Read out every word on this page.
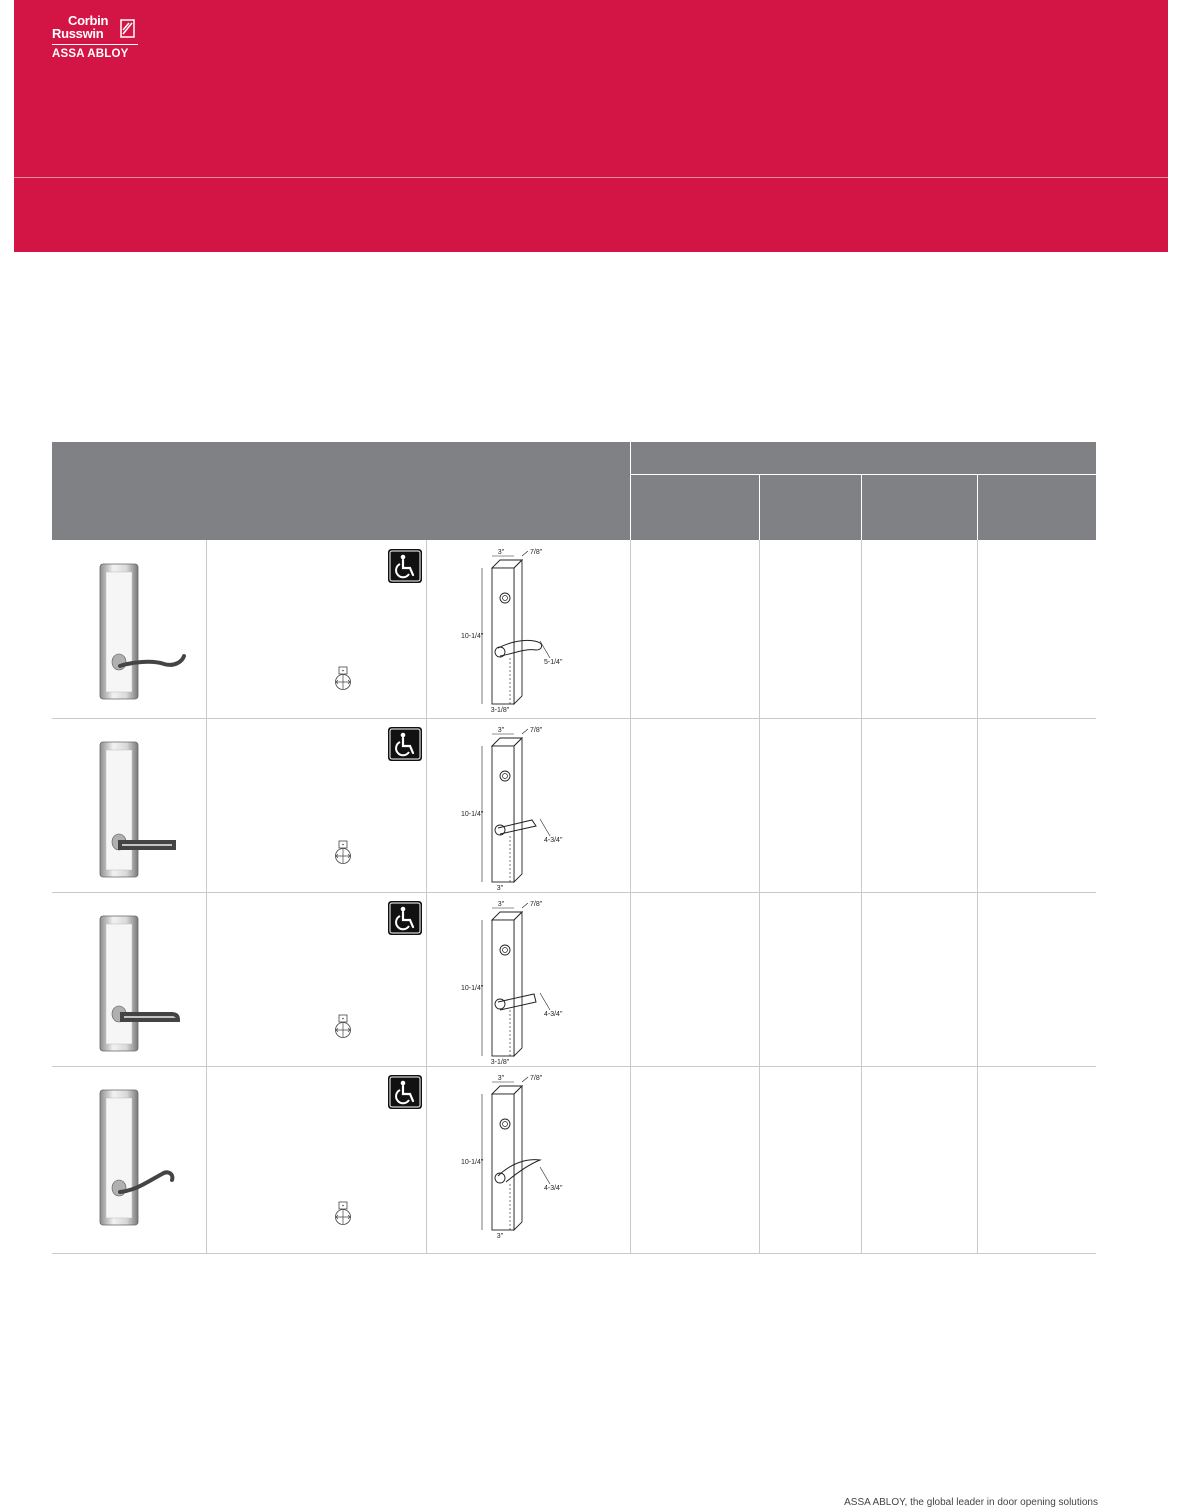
Corbin
Russwin
ASSA ABLOY
3"	7/8"
10-1/4"
5-1/4"
3-1/8"
3"	7/8"
10-1/4"
4-3/4"
3"
3"	7/8"
10-1/4"
4-3/4"
3-1/8"
3"	7/8"
10-1/4"
4-3/4"
3"
ASSA ABLOY, the global leader in door opening solutions
